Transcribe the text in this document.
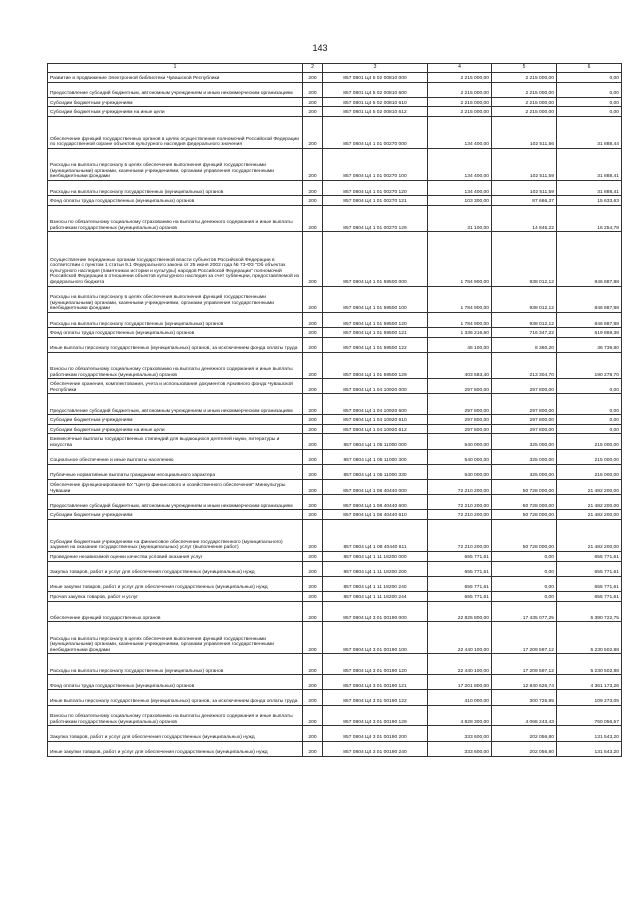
143
1	2	3	4	5	6
Развитие и продвижение Электронной библиотеки Чувашской Республики	200	857 0801 Ц4 5 02 00810 000	2 215 000,00	2 215 000,00	0,00
Предоставление субсидий бюджетным, автономным учреждениям и иным некоммерческим организациям	200	857 0801 Ц4 5 02 00810 600	2 215 000,00	2 215 000,00	0,00
Субсидии бюджетным учреждениям	200	857 0801 Ц4 5 02 00810 610	2 215 000,00	2 215 000,00	0,00
Субсидии бюджетным учреждениям на иные цели	200	857 0801 Ц4 5 02 00810 612	2 215 000,00	2 215 000,00	0,00
Обеспечение функций государственных органов в целях осуществления полномочий Российской Федерации по государственной охране объектов культурного наследия федерального значения	200	857 0804 Ц4 1 01 00270 000	134 400,00	102 511,56	31 888,44
Расходы на выплаты персоналу в целях обеспечения выполнения функций государственными (муниципальными) органами, казенными учреждениями, органами управления государственными внебюджетными фондами	200	857 0804 Ц4 1 01 00270 100	134 400,00	102 511,59	31 888,41
Расходы на выплаты персоналу государственных (муниципальных) органов	200	857 0804 Ц4 1 01 00270 120	134 400,00	102 511,59	31 888,41
Фонд оплаты труда государственных (муниципальных) органов	200	857 0804 Ц4 1 01 00270 121	103 300,00	87 666,37	15 633,63
Взносы по обязательному социальному страхованию на выплаты денежного содержания и иные выплаты работникам государственных (муниципальных) органов	200	857 0804 Ц4 1 01 00270 129	31 100,00	14 845,22	16 254,78
Осуществление переданных органам государственной власти субъектов Российской Федерации в соответствии с пунктом 1 статьи 9.1 Федерального закона от 25 июня 2002 года № 73-ФЗ "Об объектах культурного наследия (памятниках истории и культуры) народов Российской Федерации" полномочий Российской Федерации в отношении объектов культурного наследия за счет субвенции, предоставляемой из федерального бюджета	200	857 0804 Ц4 1 01 59500 000	1 784 900,00	938 012,12	846 887,88
Расходы на выплаты персоналу в целях обеспечения выполнения функций государственными (муниципальными) органами, казенными учреждениями, органами управления государственными внебюджетными фондами	200	857 0804 Ц4 1 01 59500 100	1 784 900,00	938 012,12	846 887,88
Расходы на выплаты персоналу государственных (муниципальных) органов	200	857 0804 Ц4 1 01 59500 120	1 784 900,00	938 012,12	846 887,88
Фонд оплаты труда государственных (муниципальных) органов	200	857 0804 Ц4 1 01 59500 121	1 336 216,60	716 347,22	619 869,38
Иные выплаты персоналу государственных (муниципальных) органов, за исключением фонда оплаты труда	200	857 0804 Ц4 1 01 59500 122	45 100,00	8 360,20	36 739,80
Взносы по обязательному социальному страхованию на выплаты денежного содержания и иные выплаты работникам государственных (муниципальных) органов	200	857 0804 Ц4 1 01 59500 129	403 583,40	213 304,70	190 278,70
Обеспечение хранения, комплектования, учета и использования документов Архивного фонда Чувашской Республики	200	857 0804 Ц4 1 04 10920 000	297 800,00	297 800,00	0,00
Предоставление субсидий бюджетным, автономным учреждениям и иным некоммерческим организациям	200	857 0804 Ц4 1 04 10920 600	297 800,00	297 800,00	0,00
Субсидии бюджетным учреждениям	200	857 0804 Ц4 1 04 10920 610	297 800,00	297 800,00	0,00
Субсидии бюджетным учреждениям на иные цели	200	857 0804 Ц4 1 04 10920 612	297 800,00	297 800,00	0,00
Ежемесячные выплаты государственных стипендий для выдающихся деятелей науки, литературы и искусства	200	857 0804 Ц4 1 05 11000 000	540 000,00	325 000,00	215 000,00
Социальное обеспечение и иные выплаты населению	200	857 0804 Ц4 1 05 11000 300	540 000,00	325 000,00	215 000,00
Публичные нормативные выплаты гражданам несоциального характера	200	857 0804 Ц4 1 05 11000 330	540 000,00	325 000,00	215 000,00
Обеспечение функционирования БУ "Центр финансового и хозяйственного обеспечения" Минкультуры Чувашии	200	857 0804 Ц4 1 08 40440 000	72 210 200,00	50 728 000,00	21 482 200,00
Предоставление субсидий бюджетным, автономным учреждениям и иным некоммерческим организациям	200	857 0804 Ц4 1 08 40440 600	72 210 200,00	50 728 000,00	21 482 200,00
Субсидии бюджетным учреждениям	200	857 0804 Ц4 1 08 40440 610	72 210 200,00	50 728 000,00	21 482 200,00
Субсидии бюджетным учреждениям на финансовое обеспечение государственного (муниципального) задания на оказание государственных (муниципальных) услуг (выполнение работ)	200	857 0804 Ц4 1 08 40440 611	72 210 200,00	50 728 000,00	21 482 200,00
Проведение независимой оценки качества условий оказания услуг	200	857 0804 Ц4 1 11 18200 000	655 771,61	0,00	655 771,61
Закупка товаров, работ и услуг для обеспечения государственных (муниципальных) нужд	200	857 0804 Ц4 1 11 18200 200	655 771,61	0,00	655 771,61
Иные закупки товаров, работ и услуг для обеспечения государственных (муниципальных) нужд	200	857 0804 Ц4 1 11 18200 240	655 771,61	0,00	655 771,61
Прочая закупка товаров, работ и услуг	200	857 0804 Ц4 1 11 18200 244	655 771,61	0,00	655 771,61
Обеспечение функций государственных органов	200	857 0804 Ц4 3 01 00190 000	22 825 800,00	17 435 077,25	5 390 722,75
Расходы на выплаты персоналу в целях обеспечения выполнения функций государственными (муниципальными) органами, казенными учреждениями, органами управления государственными внебюджетными фондами	200	857 0804 Ц4 3 01 00190 100	22 440 100,00	17 209 597,12	5 230 502,88
Расходы на выплаты персоналу государственных (муниципальных) органов	200	857 0804 Ц4 3 01 00190 120	22 440 100,00	17 209 597,12	5 230 502,88
Фонд оплаты труда государственных (муниципальных) органов	200	857 0804 Ц4 3 01 00190 121	17 201 800,00	12 840 626,74	4 361 173,26
Иные выплаты персоналу государственных (муниципальных) органов, за исключением фонда оплаты труда	200	857 0804 Ц4 3 01 00190 122	410 000,00	300 726,95	109 273,05
Взносы по обязательному социальному страхованию на выплаты денежного содержания и иные выплаты работникам государственных (муниципальных) органов	200	857 0804 Ц4 3 01 00190 129	4 828 300,00	4 068 243,43	760 056,57
Закупка товаров, работ и услуг для обеспечения государственных (муниципальных) нужд	200	857 0804 Ц4 3 01 00190 200	333 600,00	202 056,80	131 543,20
Иные закупки товаров, работ и услуг для обеспечения государственных (муниципальных) нужд	200	857 0804 Ц4 3 01 00190 240	333 600,00	202 056,80	131 543,20
